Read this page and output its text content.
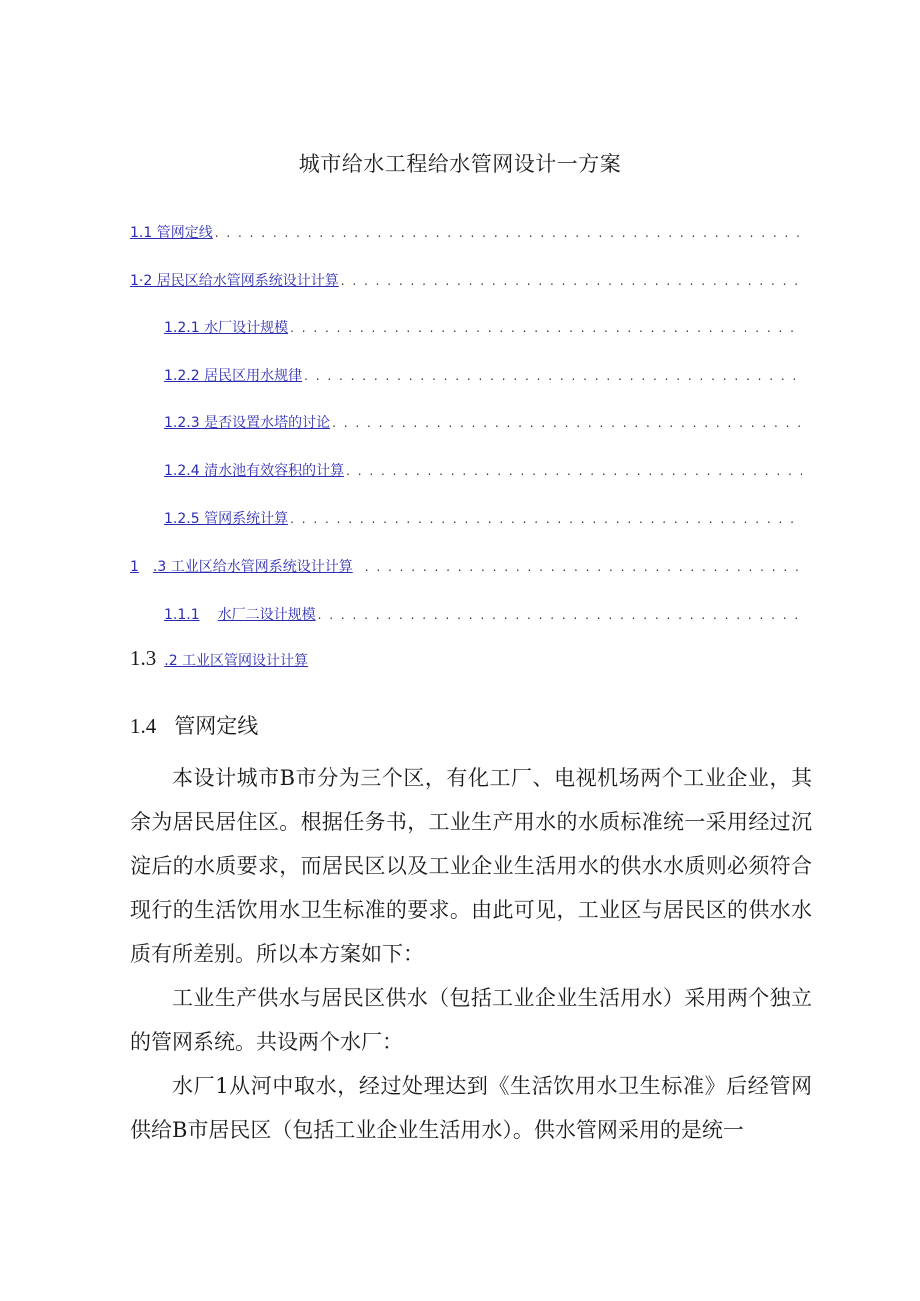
城市给水工程给水管网设计一方案
1.1 管网定线
. . .
1·2 居民区给水管网系统设计计算
. . .
1.2.1 水厂设计规模
. . .
1.2.2 居民区用水规律
. . .
1.2.3 是否设置水塔的讨论
. . .
1.2.4 清水池有效容积的计算
. . .
1.2.5 管网系统计算
. . .
1 .3 工业区给水管网系统设计计算
. . .
1.1.1 水厂二设计规模
. . .
1.3 .2 工业区管网设计计算
1.4 管网定线

本设计城市B市分为三个区，有化工厂、电视机场两个工业企业，其余为居民居住区。根据任务书，工业生产用水的水质标准统一采用经过沉淀后的水质要求，而居民区以及工业企业生活用水的供水水质则必须符合现行的生活饮用水卫生标准的要求。由此可见，工业区与居民区的供水水质有所差别。所以本方案如下：

工业生产供水与居民区供水（包括工业企业生活用水）采用两个独立的管网系统。共设两个水厂：

水厂1从河中取水，经过处理达到《生活饮用水卫生标准》后经管网供给B市居民区（包括工业企业生活用水）。供水管网采用的是统一
